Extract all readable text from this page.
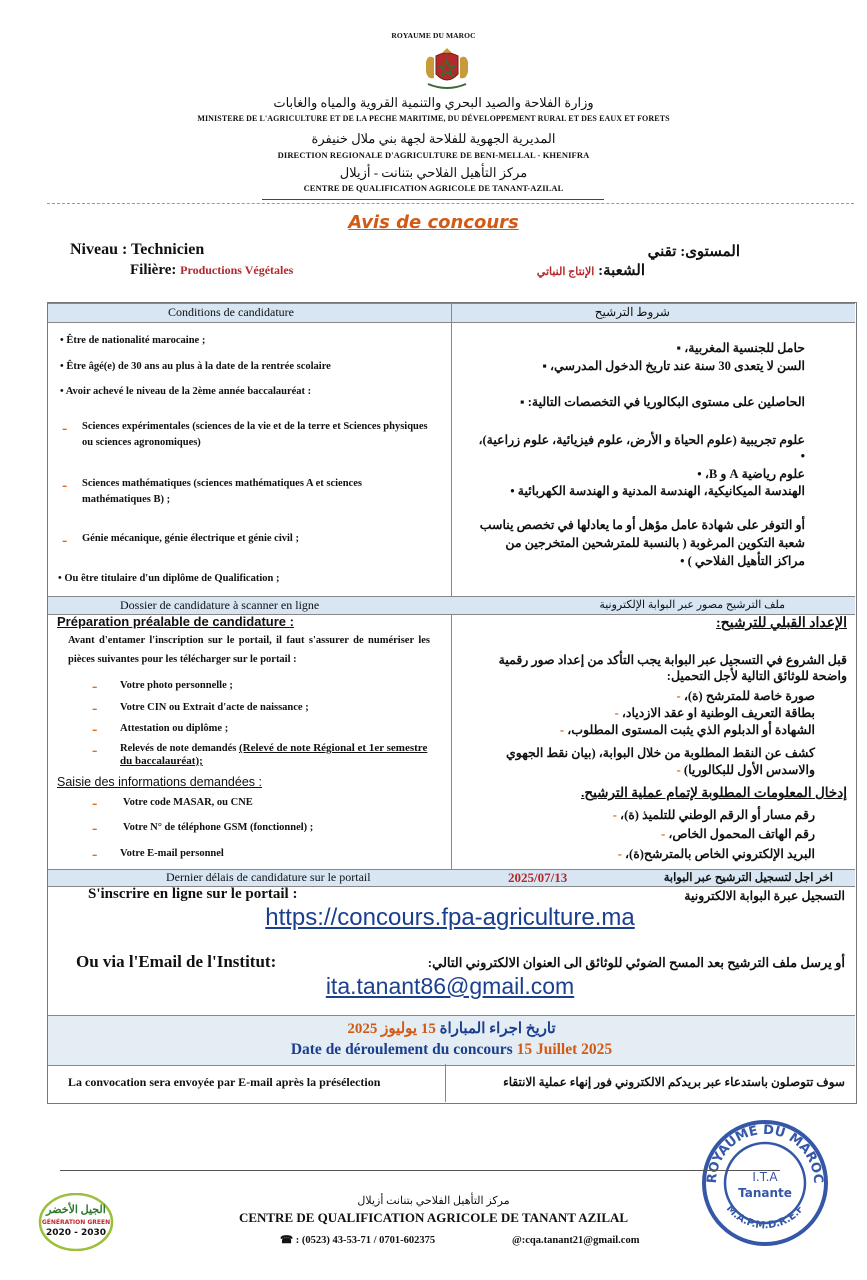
ROYAUME DU MAROC
وزارة الفلاحة والصيد البحري والتنمية القروية والمياه والغابات
MINISTERE DE L'AGRICULTURE ET DE LA PECHE MARITIME, DU DÉVELOPPEMENT RURAL ET DES EAUX ET FORETS
المديرية الجهوية للفلاحة لجهة بني ملال خنيفرة
DIRECTION REGIONALE D'AGRICULTURE DE BENI-MELLAL - KHENIFRA
مركز التأهيل الفلاحي بتنانت - أزيلال
CENTRE DE QUALIFICATION AGRICOLE DE TANANT-AZILAL
Avis de concours
Niveau : Technicien	المستوى: تقني
Filière: Productions Végétales	الشعبة: الإنتاج النباتي
Conditions de candidature	شروط الترشيح
• Être de nationalité marocaine ;
• Être âgé(e) de 30 ans au plus à la date de la rentrée scolaire
• Avoir achevé le niveau de la 2ème année baccalauréat :
- Sciences expérimentales (sciences de la vie et de la terre et Sciences physiques ou sciences agronomiques)
- Sciences mathématiques (sciences mathématiques A et sciences mathématiques B) ;
- Génie mécanique, génie électrique et génie civil ;
• Ou être titulaire d'un diplôme de Qualification ;
حامل للجنسية المغربية، ▪
السن لا يتعدى 30 سنة عند تاريخ الدخول المدرسي، ▪
الحاصلين على مستوى البكالوريا في التخصصات التالية: ▪
علوم تجريبية (علوم الحياة و الأرض، علوم فيزيائية، علوم زراعية)، •
علوم رياضية A و B، •
الهندسة الميكانيكية، الهندسة المدنية و الهندسة الكهربائية •
أو التوفر على شهادة عامل مؤهل أو ما يعادلها في تخصص يناسب شعبة التكوين المرغوبة ( بالنسبة للمترشحين المتخرجين من مراكز التأهيل الفلاحي ) •
Dossier de candidature à scanner en ligne	ملف الترشيح مصور عبر البوابة الإلكترونية
Préparation préalable de candidature :
Avant d'entamer l'inscription sur le portail, il faut s'assurer de numériser les pièces suivantes pour les télécharger sur le portail :
- Votre photo personnelle ;
- Votre CIN ou Extrait d'acte de naissance ;
- Attestation ou diplôme ;
- Relevés de note demandés (Relevé de note Régional et 1er semestre du baccalauréat);
Saisie des informations demandées :
- Votre code MASAR, ou CNE
- Votre N° de téléphone GSM (fonctionnel) ;
- Votre E-mail personnel
الإعداد القبلي للترشيح:
قبل الشروع في التسجيل عبر البوابة يجب التأكد من إعداد صور رقمية واضحة للوثائق التالية لأجل التحميل:
صورة خاصة للمترشح (ة)، -
بطاقة التعريف الوطنية او عقد الازدياد، -
الشهادة أو الدبلوم الذي يثبت المستوى المطلوب، -
كشف عن النقط المطلوبة من خلال البوابة، (بيان نقط الجهوي والاسدس الأول للبكالوريا) -
إدخال المعلومات المطلوبة لإتمام عملية الترشيح.
رقم مسار أو الرقم الوطني للتلميذ (ة)، -
رقم الهاتف المحمول الخاص، -
البريد الإلكتروني الخاص بالمترشح(ة)، -
Dernier délais de candidature sur le portail	2025/07/13	اخر اجل لتسجيل الترشيح عبر البوابة
S'inscrire en ligne sur le portail :	التسجيل عبرة البوابة الالكترونية
https://concours.fpa-agriculture.ma
Ou via l'Email de l'Institut:	أو يرسل ملف الترشيح بعد المسح الضوئي للوثائق الى العنوان الالكتروني التالي:
ita.tanant86@gmail.com
تاريخ اجراء المباراة 15 يوليوز 2025
Date de déroulement du concours 15 Juillet 2025
La convocation sera envoyée par E-mail après la présélection	سوف تتوصلون باستدعاء عبر بريدكم الالكتروني فور إنهاء عملية الانتقاء
ROYAUME DU MAROC
M.A.P.M.D.R.E.F
I.T.A
Tanante
الجيل الأخضر
GÉNÉRATION GREEN
2020 - 2030
مركز التأهيل الفلاحي بتنانت أزيلال
CENTRE DE QUALIFICATION AGRICOLE DE TANANT AZILAL
☎ : (0523) 43-53-71 / 0701-602375	@:cqa.tanant21@gmail.com
